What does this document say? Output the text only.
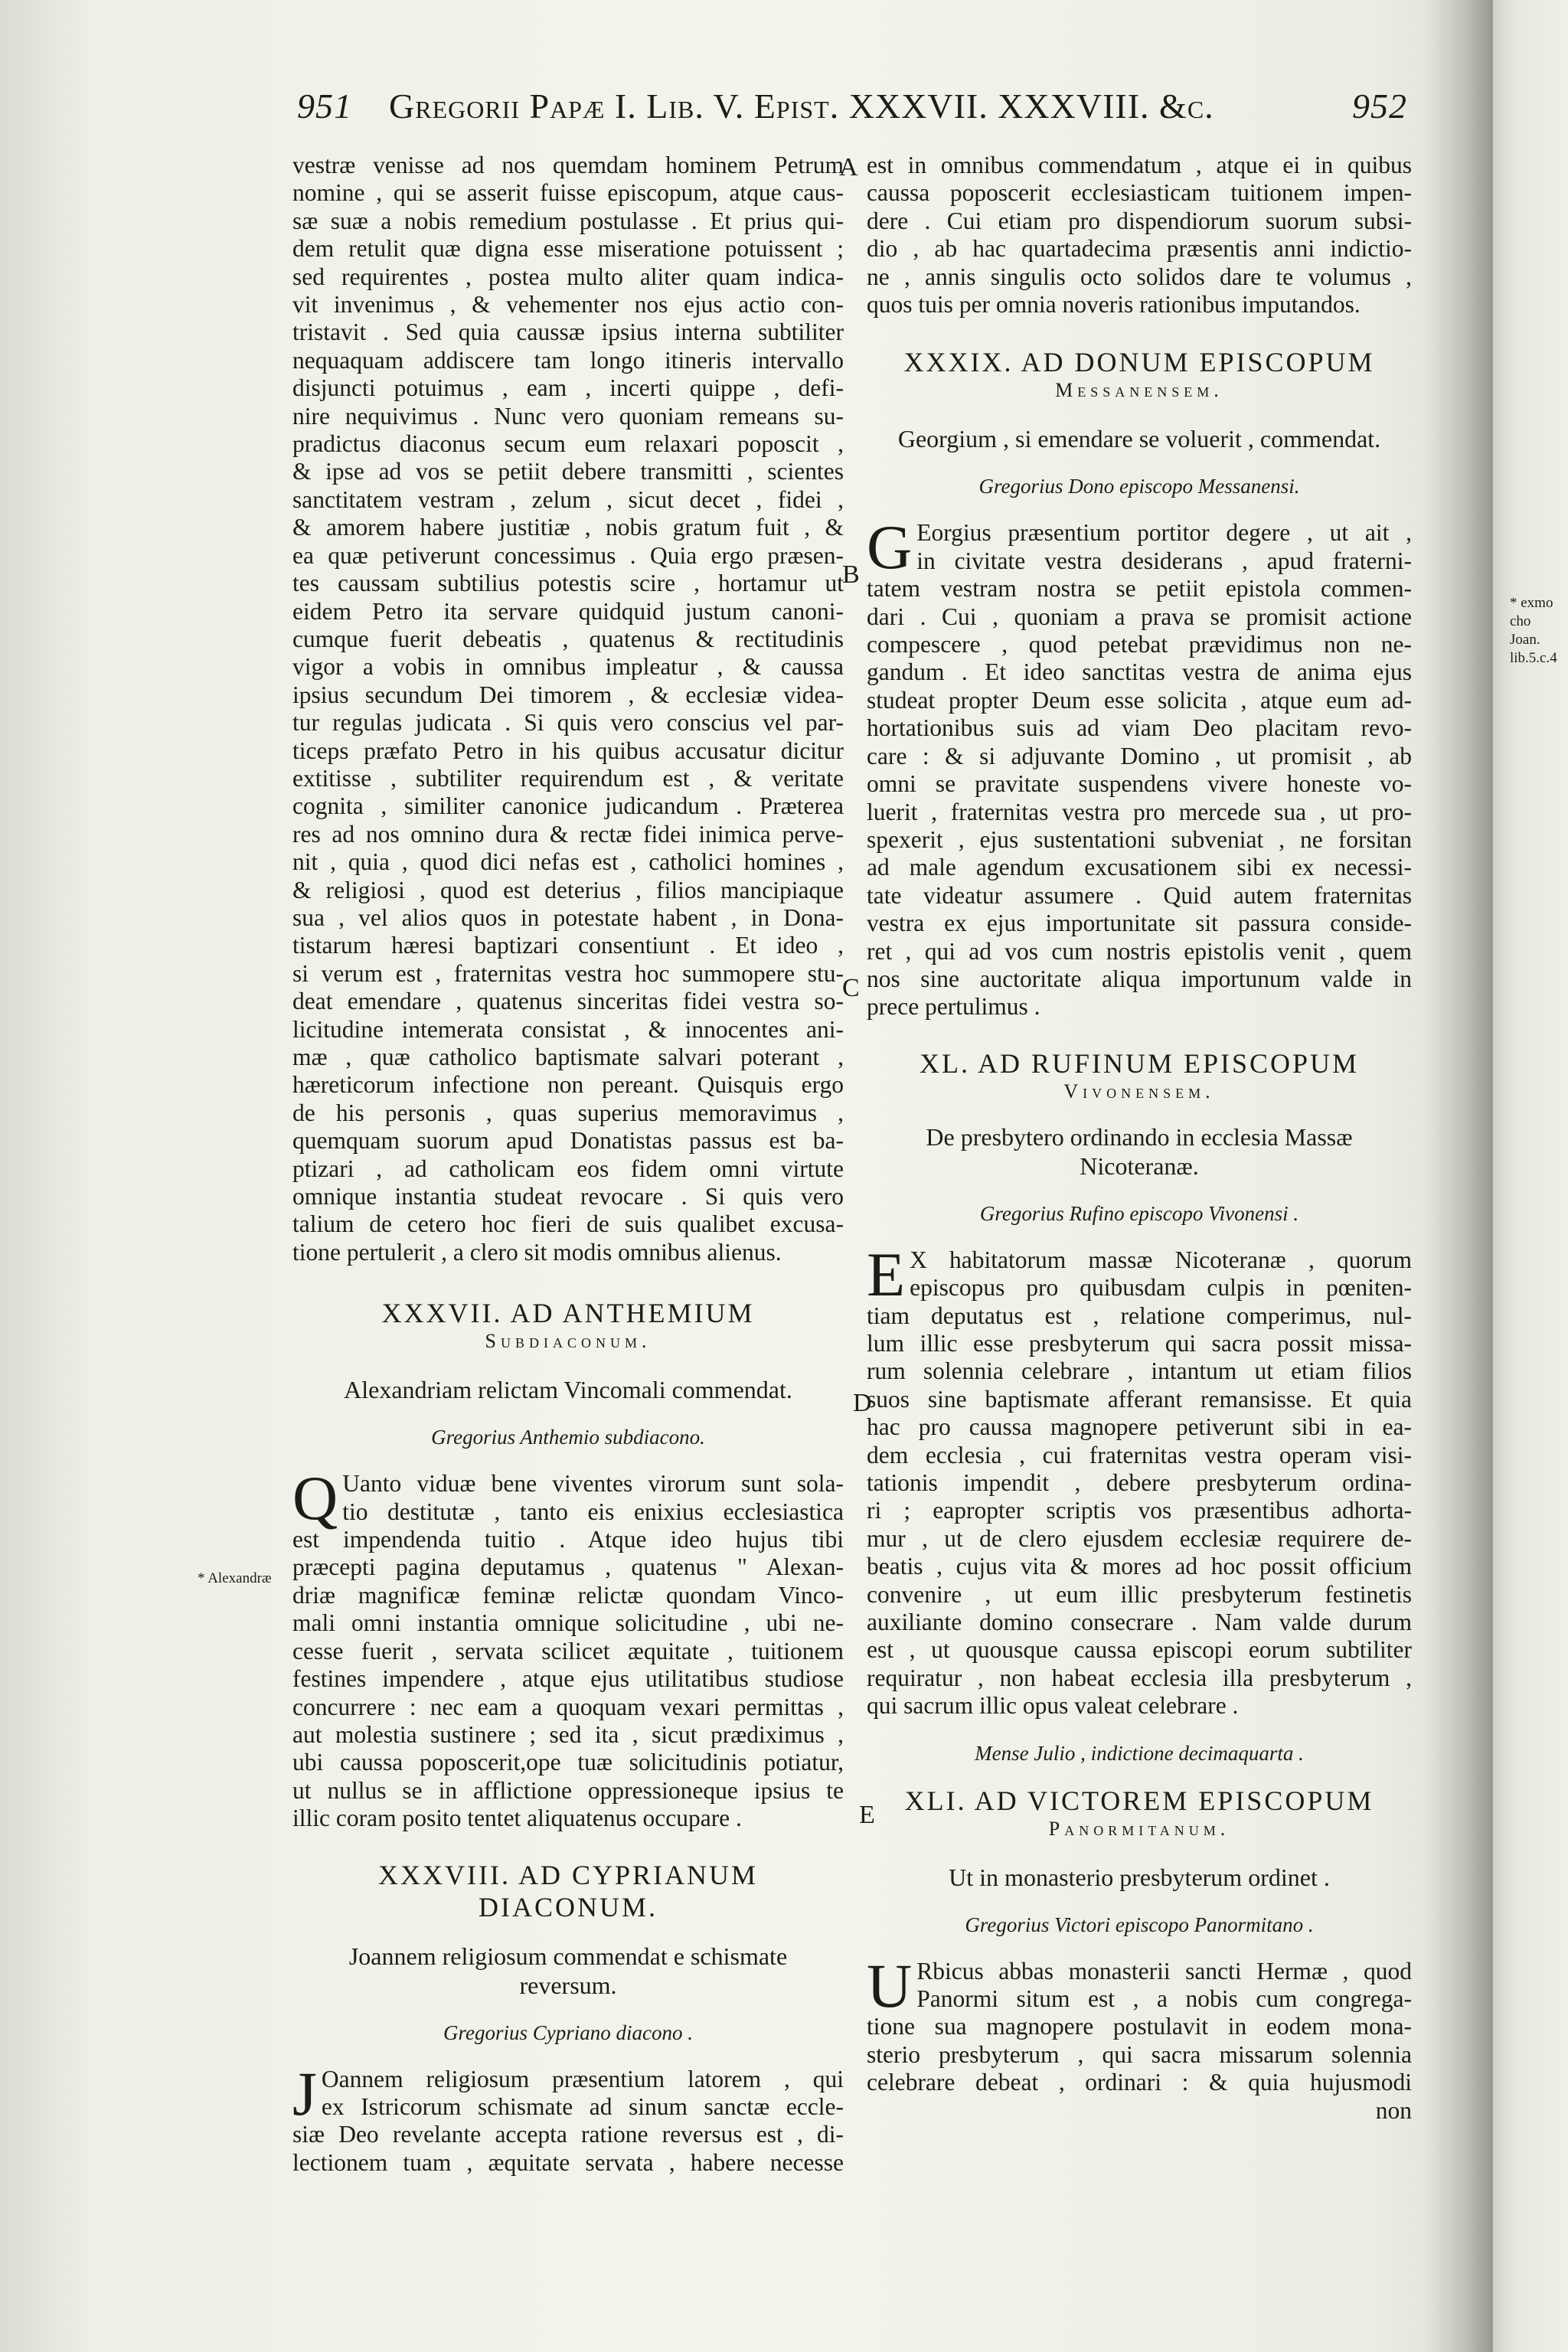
951 Gregorii Papæ I. Lib. V. Epist. XXXVII. XXXVIII. &c.	952
A
B
C
D
E
* Alexandræ
* exmo
cho
Joan.
lib.5.c.4
vestræ venisse ad nos quemdam hominem Petrum
nomine , qui se asserit fuisse episcopum, atque caus-
sæ suæ a nobis remedium postulasse . Et prius qui-
dem retulit quæ digna esse miseratione potuissent ;
sed requirentes , postea multo aliter quam indica-
vit invenimus , & vehementer nos ejus actio con-
tristavit . Sed quia caussæ ipsius interna subtiliter
nequaquam addiscere tam longo itineris intervallo
disjuncti potuimus , eam , incerti quippe , defi-
nire nequivimus . Nunc vero quoniam remeans su-
pradictus diaconus secum eum relaxari poposcit ,
& ipse ad vos se petiit debere transmitti , scientes
sanctitatem vestram , zelum , sicut decet , fidei ,
& amorem habere justitiæ , nobis gratum fuit , &
ea quæ petiverunt concessimus . Quia ergo præsen-
tes caussam subtilius potestis scire , hortamur ut
eidem Petro ita servare quidquid justum canoni-
cumque fuerit debeatis , quatenus & rectitudinis
vigor a vobis in omnibus impleatur , & caussa
ipsius secundum Dei timorem , & ecclesiæ videa-
tur regulas judicata . Si quis vero conscius vel par-
ticeps præfato Petro in his quibus accusatur dicitur
extitisse , subtiliter requirendum est , & veritate
cognita , similiter canonice judicandum . Præterea
res ad nos omnino dura & rectæ fidei inimica perve-
nit , quia , quod dici nefas est , catholici homines ,
& religiosi , quod est deterius , filios mancipiaque
sua , vel alios quos in potestate habent , in Dona-
tistarum hæresi baptizari consentiunt . Et ideo ,
si verum est , fraternitas vestra hoc summopere stu-
deat emendare , quatenus sinceritas fidei vestra so-
licitudine intemerata consistat , & innocentes ani-
mæ , quæ catholico baptismate salvari poterant ,
hæreticorum infectione non pereant. Quisquis ergo
de his personis , quas superius memoravimus ,
quemquam suorum apud Donatistas passus est ba-
ptizari , ad catholicam eos fidem omni virtute
omnique instantia studeat revocare . Si quis vero
talium de cetero hoc fieri de suis qualibet excusa-
tione pertulerit , a clero sit modis omnibus alienus.
XXXVII. AD ANTHEMIUM
Subdiaconum.
Alexandriam relictam Vincomali commendat.
Gregorius Anthemio subdiacono.
Q Uanto viduæ bene viventes virorum sunt sola-
tio destitutæ , tanto eis enixius ecclesiastica
est impendenda tuitio . Atque ideo hujus tibi
præcepti pagina deputamus , quatenus " Alexan-
driæ magnificæ feminæ relictæ quondam Vinco-
mali omni instantia omnique solicitudine , ubi ne-
cesse fuerit , servata scilicet æquitate , tuitionem
festines impendere , atque ejus utilitatibus studiose
concurrere : nec eam a quoquam vexari permittas ,
aut molestia sustinere ; sed ita , sicut prædiximus ,
ubi caussa poposcerit,ope tuæ solicitudinis potiatur,
ut nullus se in afflictione oppressioneque ipsius te
illic coram posito tentet aliquatenus occupare .
XXXVIII. AD CYPRIANUM DIACONUM.
Joannem religiosum commendat e schismate
reversum.
Gregorius Cypriano diacono .
J Oannem religiosum præsentium latorem , qui
ex Istricorum schismate ad sinum sanctæ eccle-
siæ Deo revelante accepta ratione reversus est , di-
lectionem tuam , æquitate servata , habere necesse
est in omnibus commendatum , atque ei in quibus
caussa poposcerit ecclesiasticam tuitionem impen-
dere . Cui etiam pro dispendiorum suorum subsi-
dio , ab hac quartadecima præsentis anni indictio-
ne , annis singulis octo solidos dare te volumus ,
quos tuis per omnia noveris rationibus imputandos.
XXXIX. AD DONUM EPISCOPUM
Messanensem.
Georgium , si emendare se voluerit , commendat.
Gregorius Dono episcopo Messanensi.
G Eorgius præsentium portitor degere , ut ait ,
in civitate vestra desiderans , apud fraterni-
tatem vestram nostra se petiit epistola commen-
dari . Cui , quoniam a prava se promisit actione
compescere , quod petebat prævidimus non ne-
gandum . Et ideo sanctitas vestra de anima ejus
studeat propter Deum esse solicita , atque eum ad-
hortationibus suis ad viam Deo placitam revo-
care : & si adjuvante Domino , ut promisit , ab
omni se pravitate suspendens vivere honeste vo-
luerit , fraternitas vestra pro mercede sua , ut pro-
spexerit , ejus sustentationi subveniat , ne forsitan
ad male agendum excusationem sibi ex necessi-
tate videatur assumere . Quid autem fraternitas
vestra ex ejus importunitate sit passura conside-
ret , qui ad vos cum nostris epistolis venit , quem
nos sine auctoritate aliqua importunum valde in
prece pertulimus .
XL. AD RUFINUM EPISCOPUM
Vivonensem.
De presbytero ordinando in ecclesia Massæ
Nicoteranæ.
Gregorius Rufino episcopo Vivonensi .
E X habitatorum massæ Nicoteranæ , quorum
episcopus pro quibusdam culpis in pœniten-
tiam deputatus est , relatione comperimus, nul-
lum illic esse presbyterum qui sacra possit missa-
rum solennia celebrare , intantum ut etiam filios
suos sine baptismate afferant remansisse. Et quia
hac pro caussa magnopere petiverunt sibi in ea-
dem ecclesia , cui fraternitas vestra operam visi-
tationis impendit , debere presbyterum ordina-
ri ; eapropter scriptis vos præsentibus adhorta-
mur , ut de clero ejusdem ecclesiæ requirere de-
beatis , cujus vita & mores ad hoc possit officium
convenire , ut eum illic presbyterum festinetis
auxiliante domino consecrare . Nam valde durum
est , ut quousque caussa episcopi eorum subtiliter
requiratur , non habeat ecclesia illa presbyterum ,
qui sacrum illic opus valeat celebrare .
Mense Julio , indictione decimaquarta .
XLI. AD VICTOREM EPISCOPUM
Panormitanum.
Ut in monasterio presbyterum ordinet .
Gregorius Victori episcopo Panormitano .
U Rbicus abbas monasterii sancti Hermæ , quod
Panormi situm est , a nobis cum congrega-
tione sua magnopere postulavit in eodem mona-
sterio presbyterum , qui sacra missarum solennia
celebrare debeat , ordinari : & quia hujusmodi
non
